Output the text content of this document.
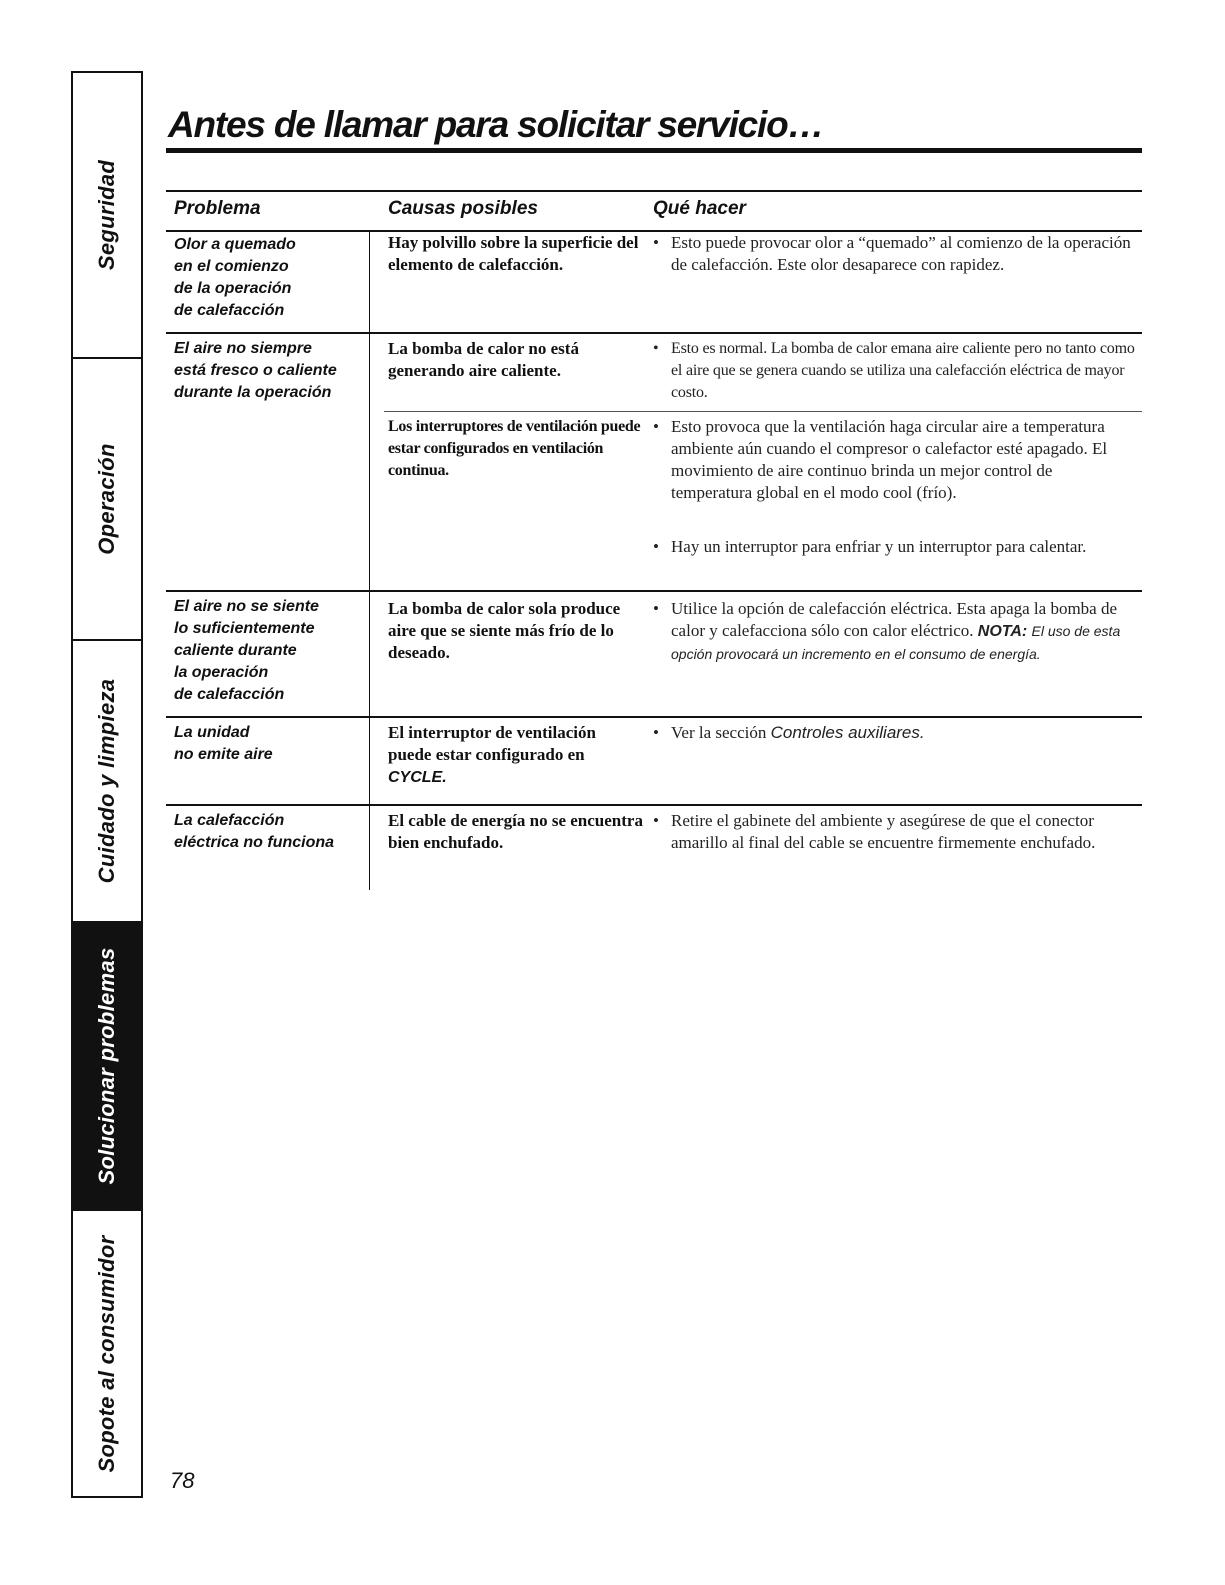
Seguridad
Operación
Cuidado y limpieza
Solucionar problemas
Sopote al consumidor
Antes de llamar para solicitar servicio…
Problema	Causas posibles	Qué hacer
Olor a quemado
en el comienzo
de la operación
de calefacción
Hay polvillo sobre la superficie del elemento de calefacción.
• Esto puede provocar olor a “quemado” al comienzo de la operación de calefacción. Este olor desaparece con rapidez.
El aire no siempre
está fresco o caliente
durante la operación
La bomba de calor no está generando aire caliente.
• Esto es normal. La bomba de calor emana aire caliente pero no tanto como el aire que se genera cuando se utiliza una calefacción eléctrica de mayor costo.
Los interruptores de ventilación puede estar configurados en ventilación continua.
• Esto provoca que la ventilación haga circular aire a temperatura ambiente aún cuando el compresor o calefactor esté apagado. El movimiento de aire continuo brinda un mejor control de temperatura global en el modo cool (frío).
• Hay un interruptor para enfriar y un interruptor para calentar.
El aire no se siente
lo suficientemente
caliente durante
la operación
de calefacción
La bomba de calor sola produce aire que se siente más frío de lo deseado.
• Utilice la opción de calefacción eléctrica. Esta apaga la bomba de calor y calefacciona sólo con calor eléctrico. NOTA: El uso de esta opción provocará un incremento en el consumo de energía.
La unidad
no emite aire
El interruptor de ventilación puede estar configurado en CYCLE.
• Ver la sección Controles auxiliares.
La calefacción
eléctrica no funciona
El cable de energía no se encuentra bien enchufado.
• Retire el gabinete del ambiente y asegúrese de que el conector amarillo al final del cable se encuentre firmemente enchufado.
78
